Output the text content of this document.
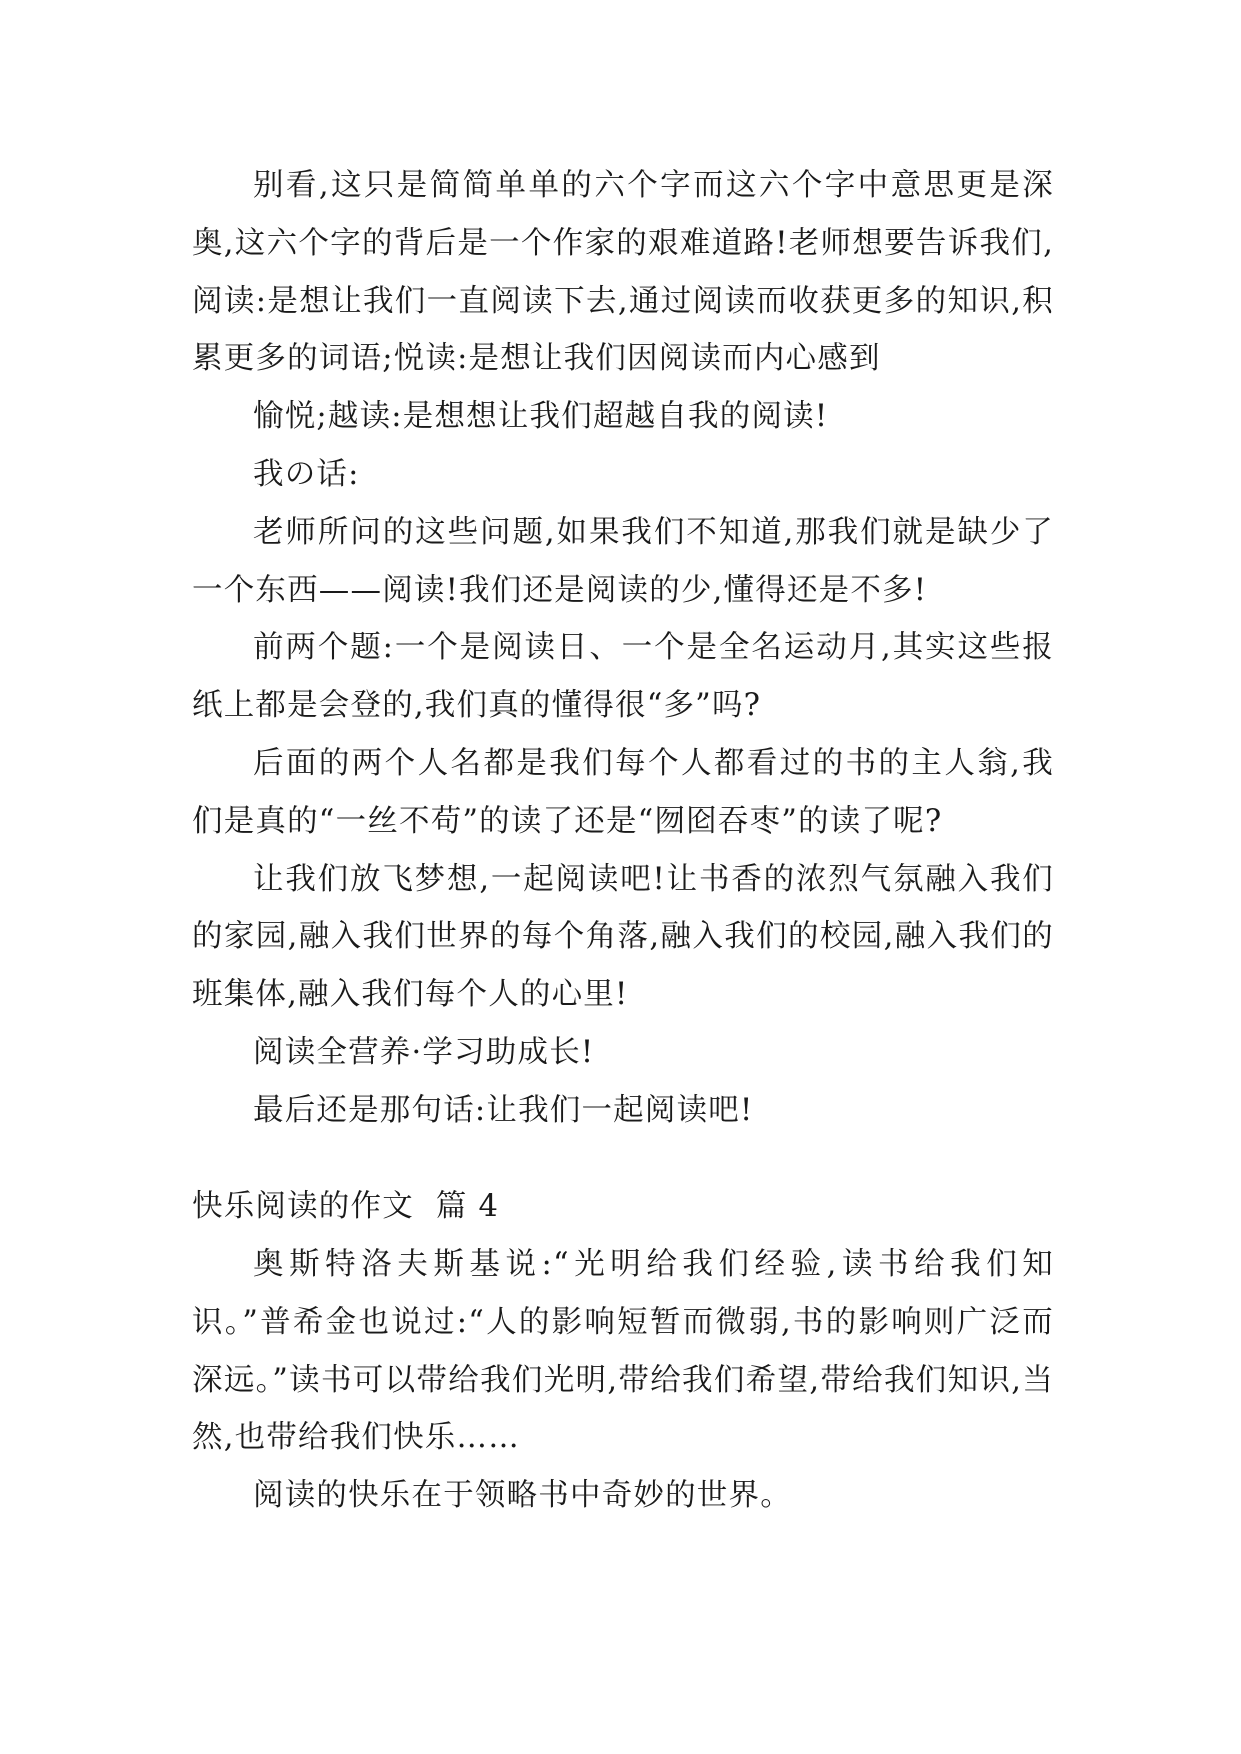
别看,这只是简简单单的六个字而这六个字中意思更是深奥,这六个字的背后是一个作家的艰难道路!老师想要告诉我们,阅读:是想让我们一直阅读下去,通过阅读而收获更多的知识,积累更多的词语;悦读:是想让我们因阅读而内心感到

愉悦;越读:是想想让我们超越自我的阅读!

我の话:

老师所问的这些问题,如果我们不知道,那我们就是缺少了一个东西——阅读!我们还是阅读的少,懂得还是不多!

前两个题:一个是阅读日、一个是全名运动月,其实这些报纸上都是会登的,我们真的懂得很“多”吗?

后面的两个人名都是我们每个人都看过的书的主人翁,我们是真的“一丝不苟”的读了还是“囫囵吞枣”的读了呢?

让我们放飞梦想,一起阅读吧!让书香的浓烈气氛融入我们的家园,融入我们世界的每个角落,融入我们的校园,融入我们的班集体,融入我们每个人的心里!

阅读全营养·学习助成长!

最后还是那句话:让我们一起阅读吧!

快乐阅读的作文 篇 4

奥斯特洛夫斯基说:“光明给我们经验,读书给我们知识。”普希金也说过:“人的影响短暂而微弱,书的影响则广泛而深远。”读书可以带给我们光明,带给我们希望,带给我们知识,当然,也带给我们快乐……

阅读的快乐在于领略书中奇妙的世界。
